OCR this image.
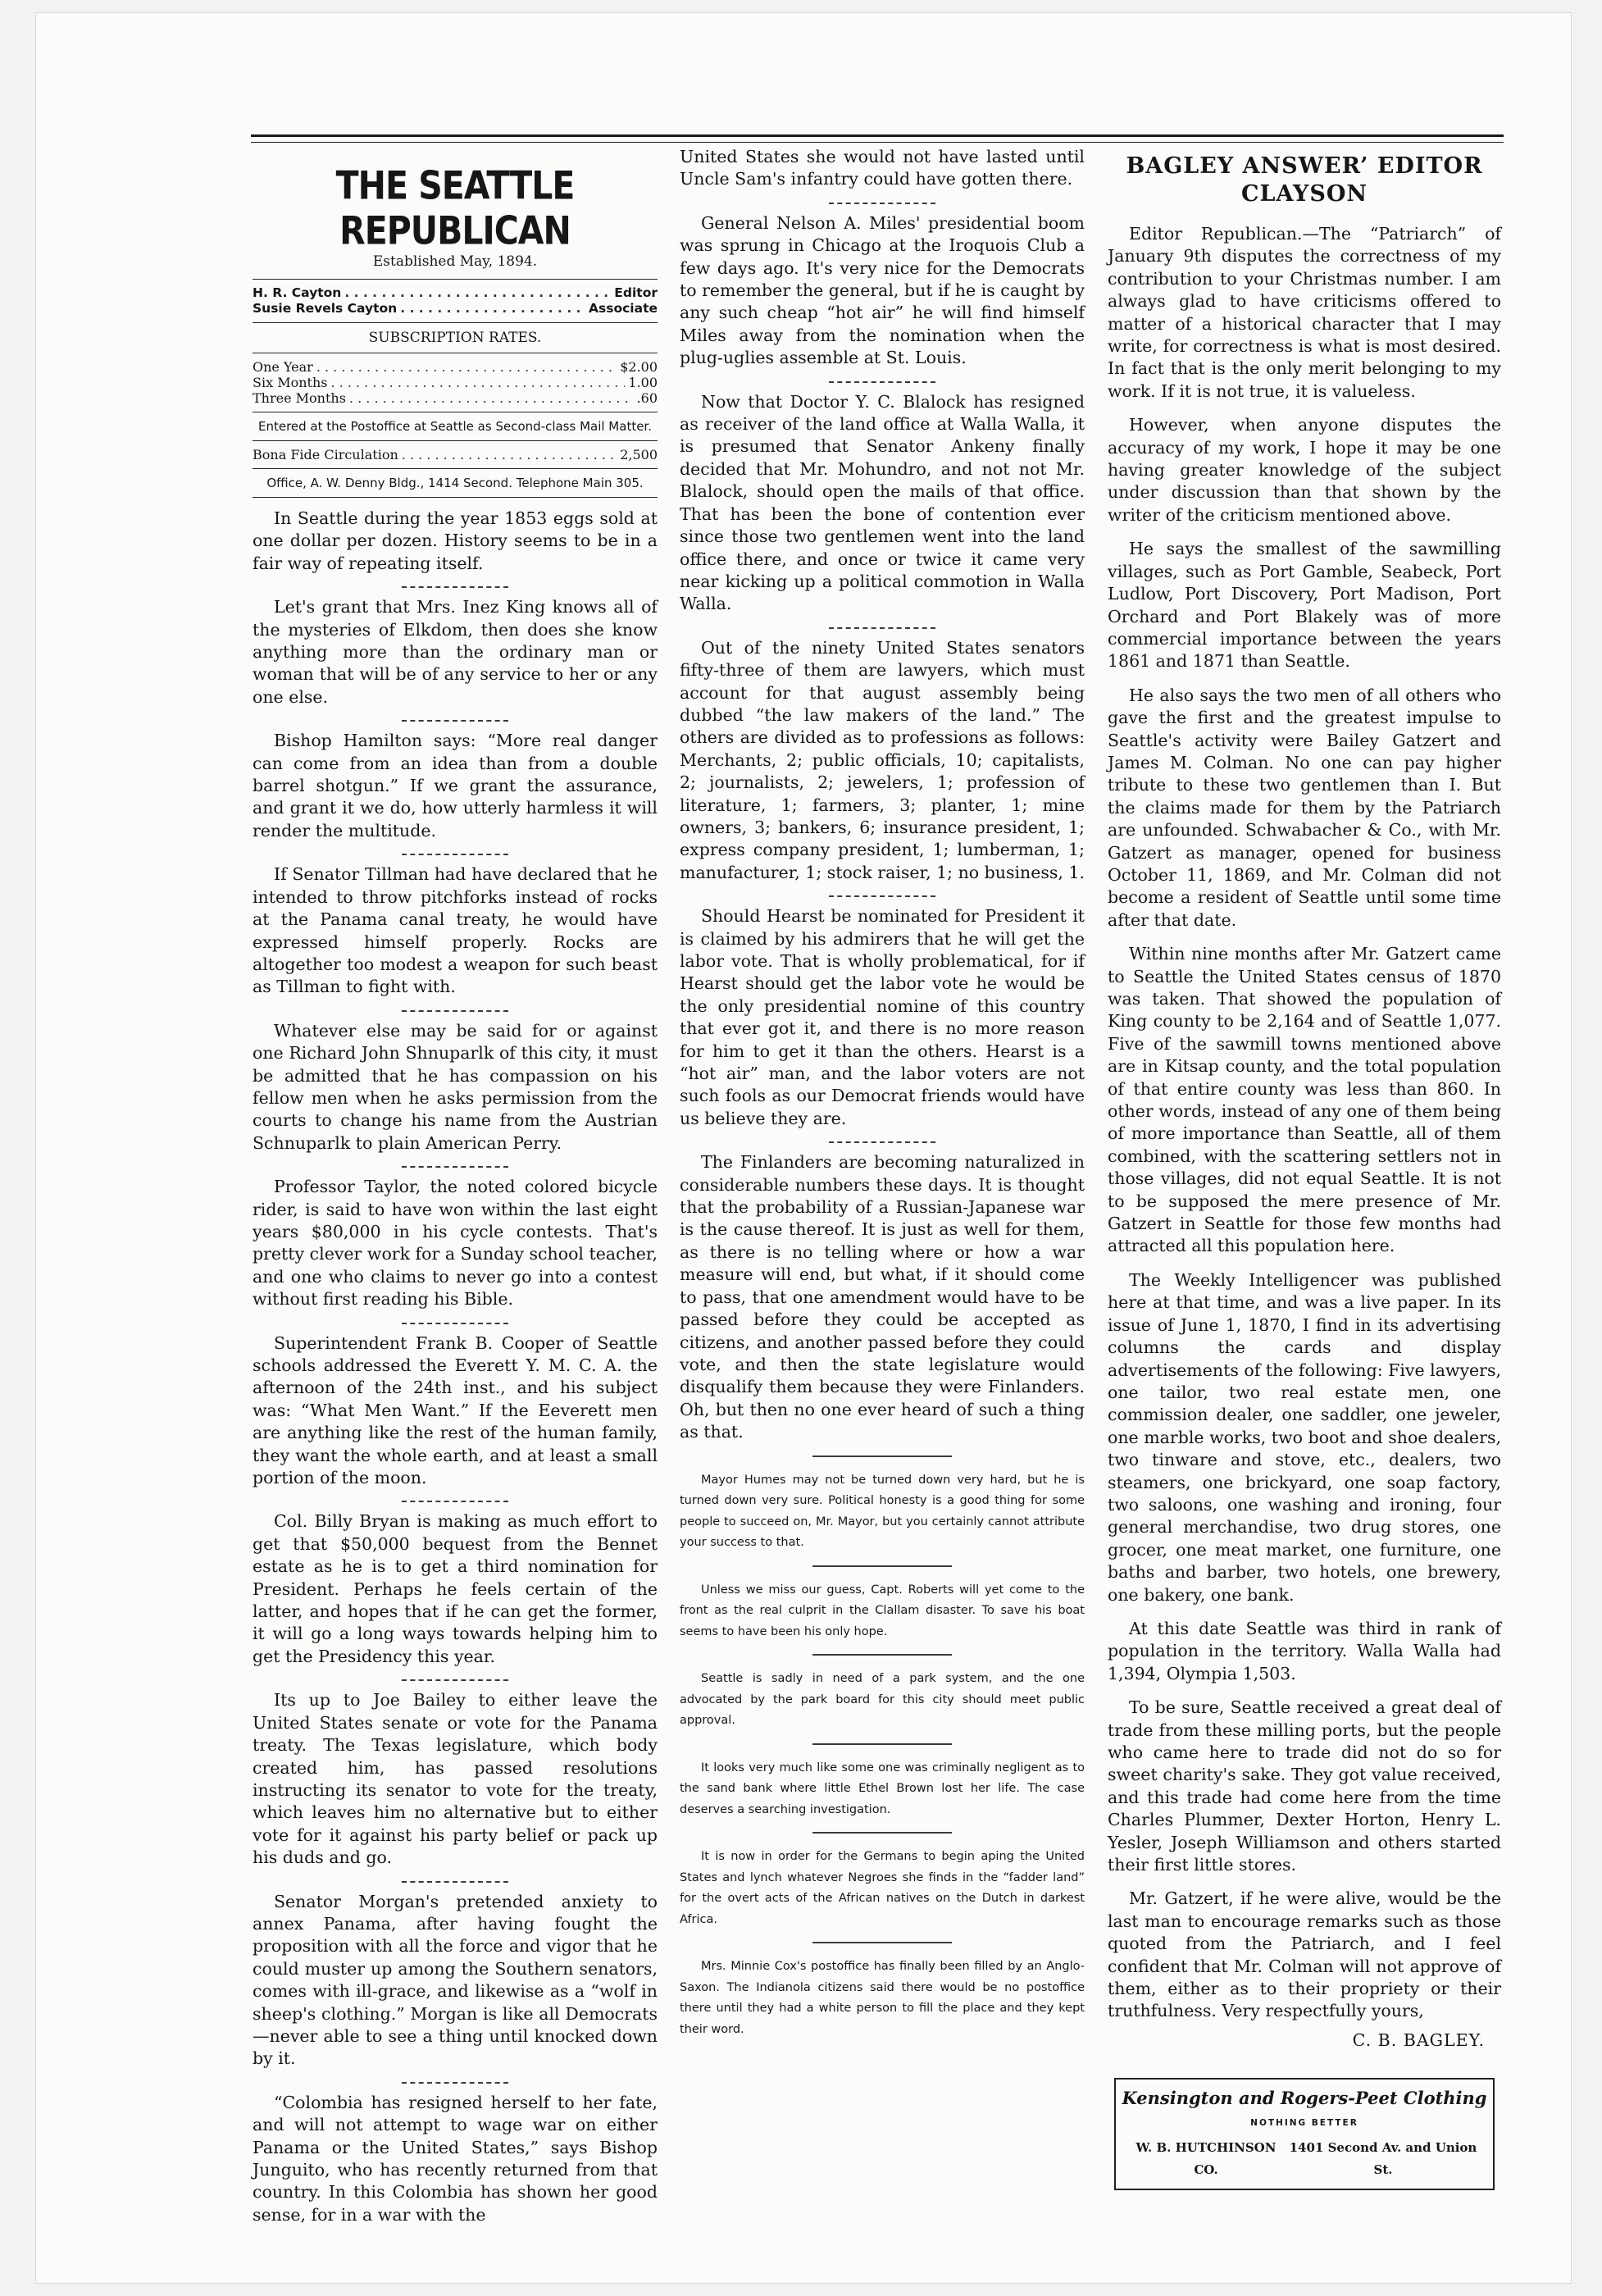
THE SEATTLE REPUBLICAN
Established May, 1894.
H. R. Cayton . . .	Editor
Susie Revels Cayton . . .	Associate
SUBSCRIPTION RATES.
One Year . . .	$2.00
Six Months . . .	1.00
Three Months . . .	.60
Entered at the Postoffice at Seattle as Second-class Mail Matter.
Bona Fide Circulation . . .	2,500
Office, A. W. Denny Bldg., 1414 Second. Telephone Main 305.

In Seattle during the year 1853 eggs sold at one dollar per dozen. History seems to be in a fair way of repeating itself.

Let's grant that Mrs. Inez King knows all of the mysteries of Elkdom, then does she know anything more than the ordinary man or woman that will be of any service to her or any one else.

Bishop Hamilton says: “More real danger can come from an idea than from a double barrel shotgun.” If we grant the assurance, and grant it we do, how utterly harmless it will render the multitude.

If Senator Tillman had have declared that he intended to throw pitchforks instead of rocks at the Panama canal treaty, he would have expressed himself properly. Rocks are altogether too modest a weapon for such beast as Tillman to fight with.

Whatever else may be said for or against one Richard John Shnuparlk of this city, it must be admitted that he has compassion on his fellow men when he asks permission from the courts to change his name from the Austrian Schnuparlk to plain American Perry.

Professor Taylor, the noted colored bicycle rider, is said to have won within the last eight years $80,000 in his cycle contests. That's pretty clever work for a Sunday school teacher, and one who claims to never go into a contest without first reading his Bible.

Superintendent Frank B. Cooper of Seattle schools addressed the Everett Y. M. C. A. the afternoon of the 24th inst., and his subject was: “What Men Want.” If the Eeverett men are anything like the rest of the human family, they want the whole earth, and at least a small portion of the moon.

Col. Billy Bryan is making as much effort to get that $50,000 bequest from the Bennet estate as he is to get a third nomination for President. Perhaps he feels certain of the latter, and hopes that if he can get the former, it will go a long ways towards helping him to get the Presidency this year.

Its up to Joe Bailey to either leave the United States senate or vote for the Panama treaty. The Texas legislature, which body created him, has passed resolutions instructing its senator to vote for the treaty, which leaves him no alternative but to either vote for it against his party belief or pack up his duds and go.

Senator Morgan's pretended anxiety to annex Panama, after having fought the proposition with all the force and vigor that he could muster up among the Southern senators, comes with ill-grace, and likewise as a “wolf in sheep's clothing.” Morgan is like all Democrats—never able to see a thing until knocked down by it.

“Colombia has resigned herself to her fate, and will not attempt to wage war on either Panama or the United States,” says Bishop Junguito, who has recently returned from that country. In this Colombia has shown her good sense, for in a war with the

United States she would not have lasted until Uncle Sam's infantry could have gotten there.

General Nelson A. Miles' presidential boom was sprung in Chicago at the Iroquois Club a few days ago. It's very nice for the Democrats to remember the general, but if he is caught by any such cheap “hot air” he will find himself Miles away from the nomination when the plug-uglies assemble at St. Louis.

Now that Doctor Y. C. Blalock has resigned as receiver of the land office at Walla Walla, it is presumed that Senator Ankeny finally decided that Mr. Mohundro, and not not Mr. Blalock, should open the mails of that office. That has been the bone of contention ever since those two gentlemen went into the land office there, and once or twice it came very near kicking up a political commotion in Walla Walla.

Out of the ninety United States senators fifty-three of them are lawyers, which must account for that august assembly being dubbed “the law makers of the land.” The others are divided as to professions as follows: Merchants, 2; public officials, 10; capitalists, 2; journalists, 2; jewelers, 1; profession of literature, 1; farmers, 3; planter, 1; mine owners, 3; bankers, 6; insurance president, 1; express company president, 1; lumberman, 1; manufacturer, 1; stock raiser, 1; no business, 1.

Should Hearst be nominated for President it is claimed by his admirers that he will get the labor vote. That is wholly problematical, for if Hearst should get the labor vote he would be the only presidential nomine of this country that ever got it, and there is no more reason for him to get it than the others. Hearst is a “hot air” man, and the labor voters are not such fools as our Democrat friends would have us believe they are.

The Finlanders are becoming naturalized in considerable numbers these days. It is thought that the probability of a Russian-Japanese war is the cause thereof. It is just as well for them, as there is no telling where or how a war measure will end, but what, if it should come to pass, that one amendment would have to be passed before they could be accepted as citizens, and another passed before they could vote, and then the state legislature would disqualify them because they were Finlanders. Oh, but then no one ever heard of such a thing as that.

Mayor Humes may not be turned down very hard, but he is turned down very sure. Political honesty is a good thing for some people to succeed on, Mr. Mayor, but you certainly cannot attribute your success to that.

Unless we miss our guess, Capt. Roberts will yet come to the front as the real culprit in the Clallam disaster. To save his boat seems to have been his only hope.

Seattle is sadly in need of a park system, and the one advocated by the park board for this city should meet public approval.

It looks very much like some one was criminally negligent as to the sand bank where little Ethel Brown lost her life. The case deserves a searching investigation.

It is now in order for the Germans to begin aping the United States and lynch whatever Negroes she finds in the “fadder land” for the overt acts of the African natives on the Dutch in darkest Africa.

Mrs. Minnie Cox's postoffice has finally been filled by an Anglo-Saxon. The Indianola citizens said there would be no postoffice there until they had a white person to fill the place and they kept their word.

BAGLEY ANSWER’ EDITOR CLAYSON

Editor Republican.—The “Patriarch” of January 9th disputes the correctness of my contribution to your Christmas number. I am always glad to have criticisms offered to matter of a historical character that I may write, for correctness is what is most desired. In fact that is the only merit belonging to my work. If it is not true, it is valueless.

However, when anyone disputes the accuracy of my work, I hope it may be one having greater knowledge of the subject under discussion than that shown by the writer of the criticism mentioned above.

He says the smallest of the sawmilling villages, such as Port Gamble, Seabeck, Port Ludlow, Port Discovery, Port Madison, Port Orchard and Port Blakely was of more commercial importance between the years 1861 and 1871 than Seattle.

He also says the two men of all others who gave the first and the greatest impulse to Seattle's activity were Bailey Gatzert and James M. Colman. No one can pay higher tribute to these two gentlemen than I. But the claims made for them by the Patriarch are unfounded. Schwabacher & Co., with Mr. Gatzert as manager, opened for business October 11, 1869, and Mr. Colman did not become a resident of Seattle until some time after that date.

Within nine months after Mr. Gatzert came to Seattle the United States census of 1870 was taken. That showed the population of King county to be 2,164 and of Seattle 1,077. Five of the sawmill towns mentioned above are in Kitsap county, and the total population of that entire county was less than 860. In other words, instead of any one of them being of more importance than Seattle, all of them combined, with the scattering settlers not in those villages, did not equal Seattle. It is not to be supposed the mere presence of Mr. Gatzert in Seattle for those few months had attracted all this population here.

The Weekly Intelligencer was published here at that time, and was a live paper. In its issue of June 1, 1870, I find in its advertising columns the cards and display advertisements of the following: Five lawyers, one tailor, two real estate men, one commission dealer, one saddler, one jeweler, one marble works, two boot and shoe dealers, two tinware and stove, etc., dealers, two steamers, one brickyard, one soap factory, two saloons, one washing and ironing, four general merchandise, two drug stores, one grocer, one meat market, one furniture, one baths and barber, two hotels, one brewery, one bakery, one bank.

At this date Seattle was third in rank of population in the territory. Walla Walla had 1,394, Olympia 1,503.

To be sure, Seattle received a great deal of trade from these milling ports, but the people who came here to trade did not do so for sweet charity's sake. They got value received, and this trade had come here from the time Charles Plummer, Dexter Horton, Henry L. Yesler, Joseph Williamson and others started their first little stores.

Mr. Gatzert, if he were alive, would be the last man to encourage remarks such as those quoted from the Patriarch, and I feel confident that Mr. Colman will not approve of them, either as to their propriety or their truthfulness. Very respectfully yours,

C. B. BAGLEY.
Kensington and Rogers-Peet Clothing
NOTHING BETTER
W. B. HUTCHINSON CO.
1401 Second Av. and Union St.
